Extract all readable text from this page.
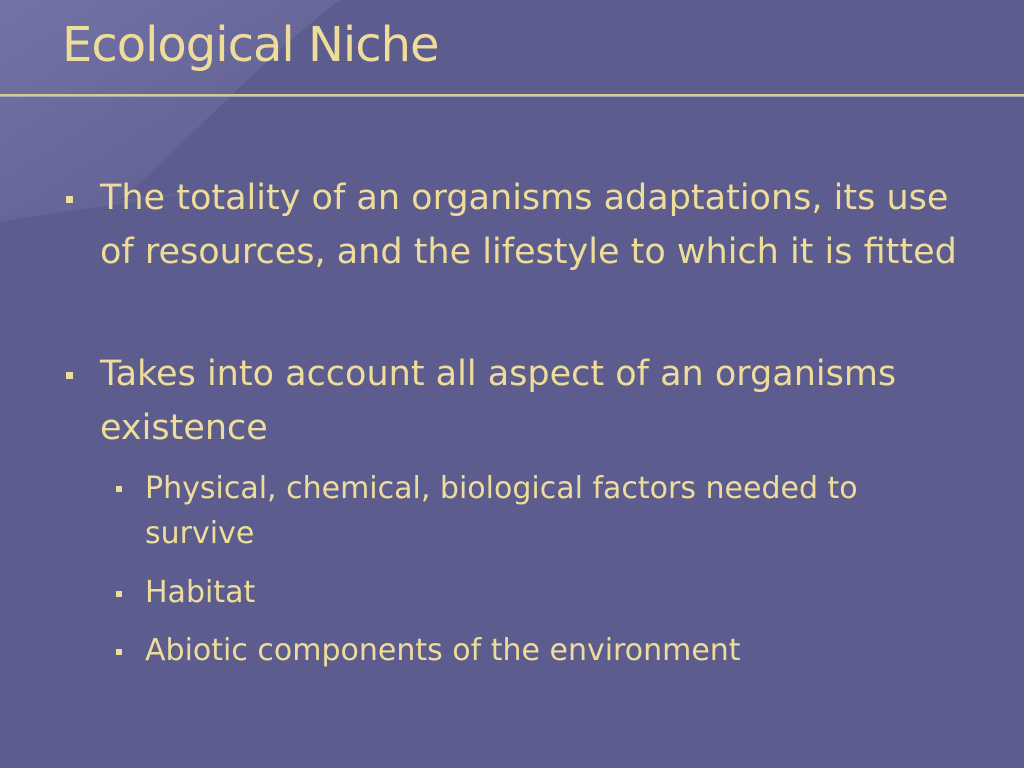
Ecological Niche

The totality of an organisms adaptations, its use of resources, and the lifestyle to which it is fitted

Takes into account all aspect of an organisms existence

Physical, chemical, biological factors needed to survive

Habitat

Abiotic components of the environment
